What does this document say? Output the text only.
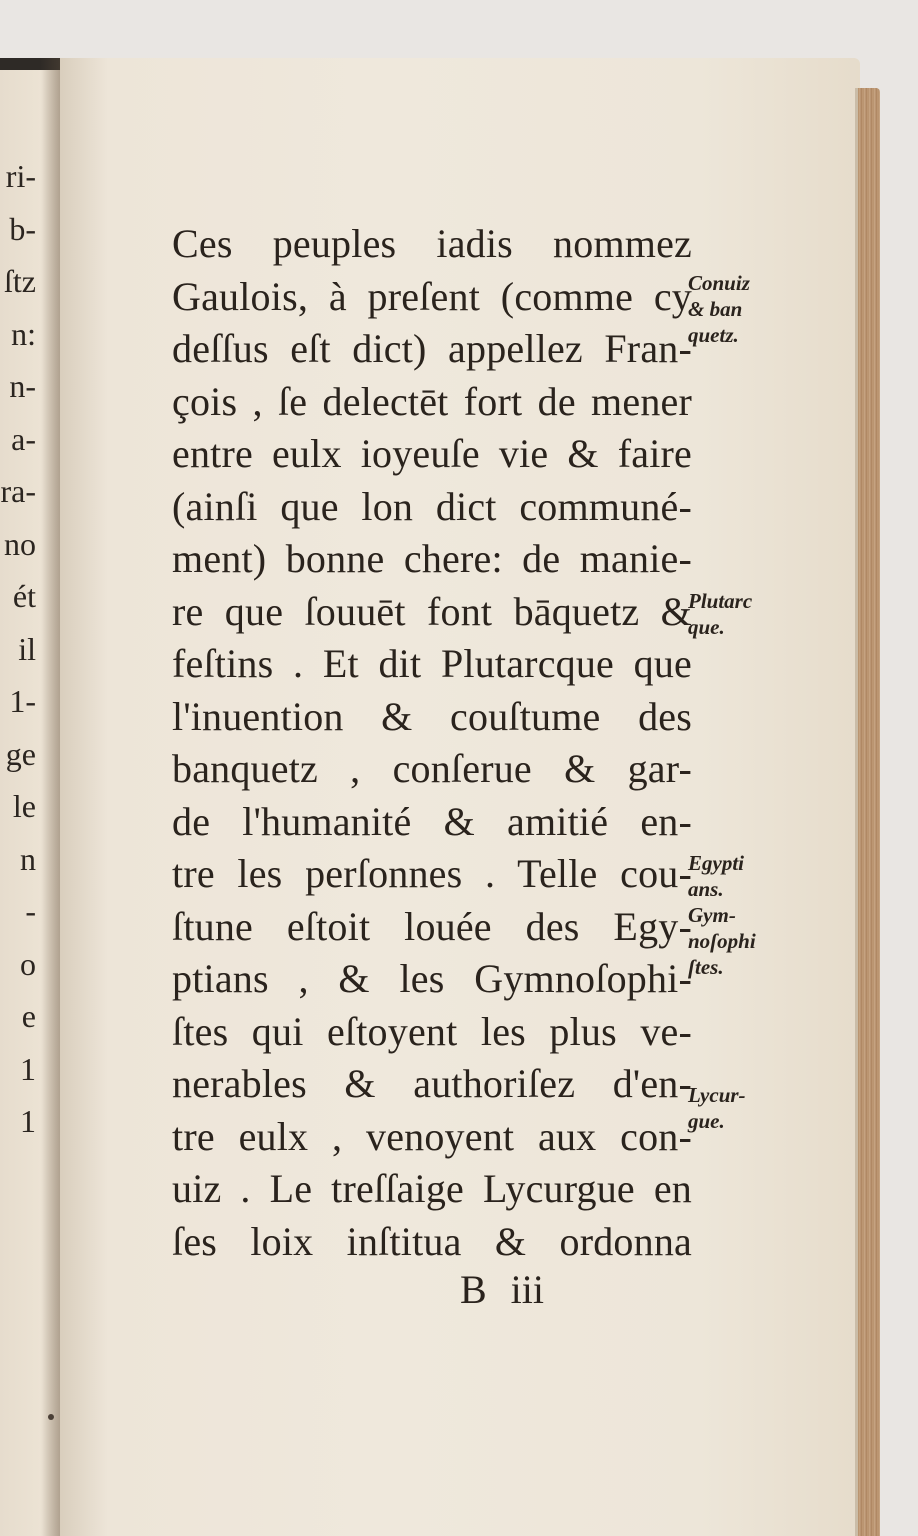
ri-
b-
ſtz
n:
n-
a-
ra-
no
ét
il
1-
ge
le
n
-
o
e
1
1
Ces peuples iadis nommez
Gaulois, à preſent (comme cy
deſſus eſt dict) appellez Fran-
çois , ſe delectēt fort de mener
entre eulx ioyeuſe vie & faire
(ainſi que lon dict communé-
ment) bonne chere: de manie-
re que ſouuēt font bāquetz &
feſtins . Et dit Plutarcque que
l'inuention & couſtume des
banquetz , conſerue & gar-
de l'humanité & amitié en-
tre les perſonnes . Telle cou-
ſtune eſtoit louée des Egy-
ptians , & les Gymnoſophi-
ſtes qui eſtoyent les plus ve-
nerables & authoriſez d'en-
tre eulx , venoyent aux con-
uiz . Le treſſaige Lycurgue en
ſes loix inſtitua & ordonna
B iii
Conuiz
& ban
quetz.
Plutarc
que.
Egypti
ans.
Gym-
noſophi
ſtes.
Lycur-
gue.
